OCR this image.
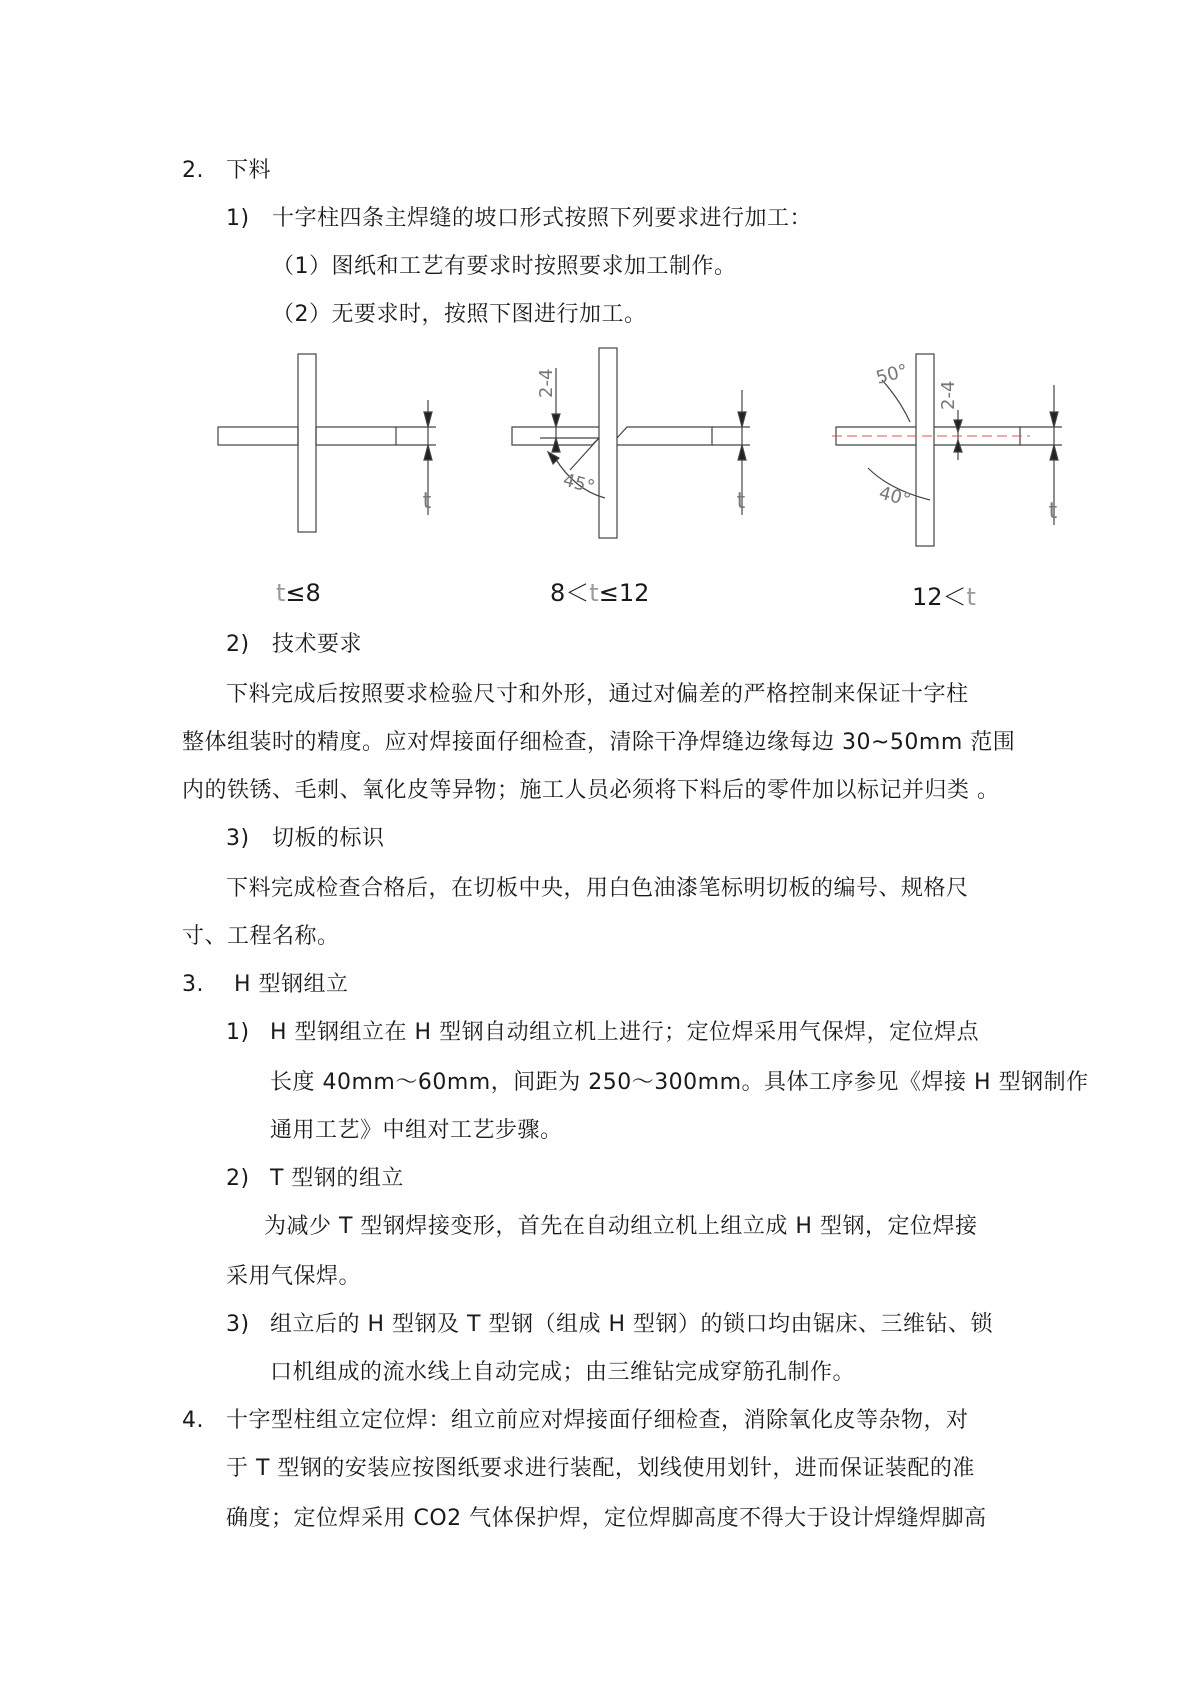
2. 下料
1) 十字柱四条主焊缝的坡口形式按照下列要求进行加工：
（1）图纸和工艺有要求时按照要求加工制作。
（2）无要求时，按照下图进行加工。
t	t	t
2-4	2-4
45°
50°
40°
t≤8	8＜t≤12	12＜t
2) 技术要求
下料完成后按照要求检验尺寸和外形，通过对偏差的严格控制来保证十字柱
整体组装时的精度。应对焊接面仔细检查，清除干净焊缝边缘每边 30~50mm 范围
内的铁锈、毛刺、氧化皮等异物；施工人员必须将下料后的零件加以标记并归类 。
3) 切板的标识
下料完成检查合格后，在切板中央，用白色油漆笔标明切板的编号、规格尺
寸、工程名称。
3. H 型钢组立
1) H 型钢组立在 H 型钢自动组立机上进行；定位焊采用气保焊，定位焊点
长度 40mm～60mm，间距为 250～300mm。具体工序参见《焊接 H 型钢制作
通用工艺》中组对工艺步骤。
2) T 型钢的组立
为减少 T 型钢焊接变形，首先在自动组立机上组立成 H 型钢，定位焊接
采用气保焊。
3) 组立后的 H 型钢及 T 型钢（组成 H 型钢）的锁口均由锯床、三维钻、锁
口机组成的流水线上自动完成；由三维钻完成穿筋孔制作。
4. 十字型柱组立定位焊：组立前应对焊接面仔细检查，消除氧化皮等杂物，对
于 T 型钢的安装应按图纸要求进行装配，划线使用划针，进而保证装配的准
确度；定位焊采用 CO2 气体保护焊，定位焊脚高度不得大于设计焊缝焊脚高
